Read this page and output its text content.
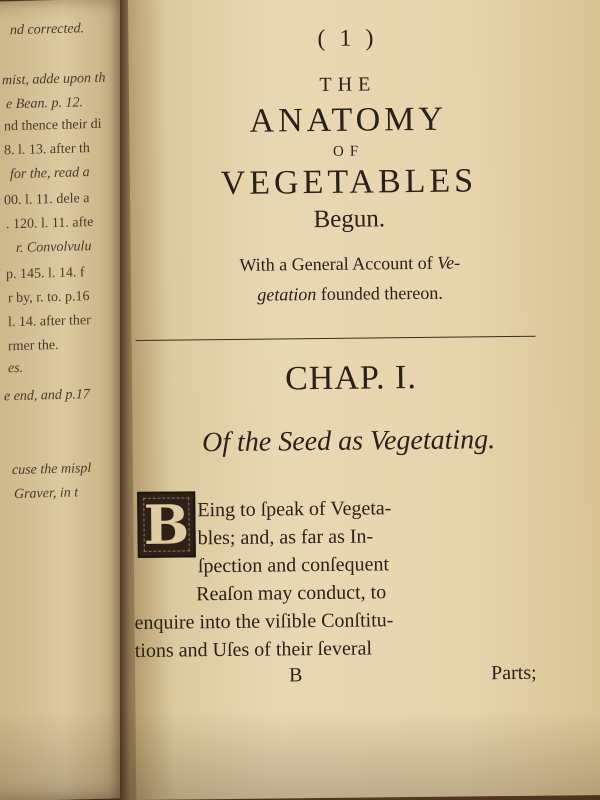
nd corrected.
mist, adde upon th
e Bean. p. 12.
nd thence their di
8. l. 13. after th
for the, read a
00. l. 11. dele a
. 120. l. 11. afte
r. Convolvulu
p. 145. l. 14. f
r by, r. to. p.16
l. 14. after ther
rmer the.
es.
e end, and p.17
cuse the mispl
Graver, in t
( 1 )
THE
ANATOMY
OF
VEGETABLES
Begun.
With a General Account of Ve-
getation founded thereon.
CHAP. I.
Of the Seed as Vegetating.
B Eing to ſpeak of Vegeta-
bles; and, as far as In-
ſpection and conſequent
Reaſon may conduct, to
enquire into the viſible Conſtitu-
tions and Uſes of their ſeveral
B	Parts;
